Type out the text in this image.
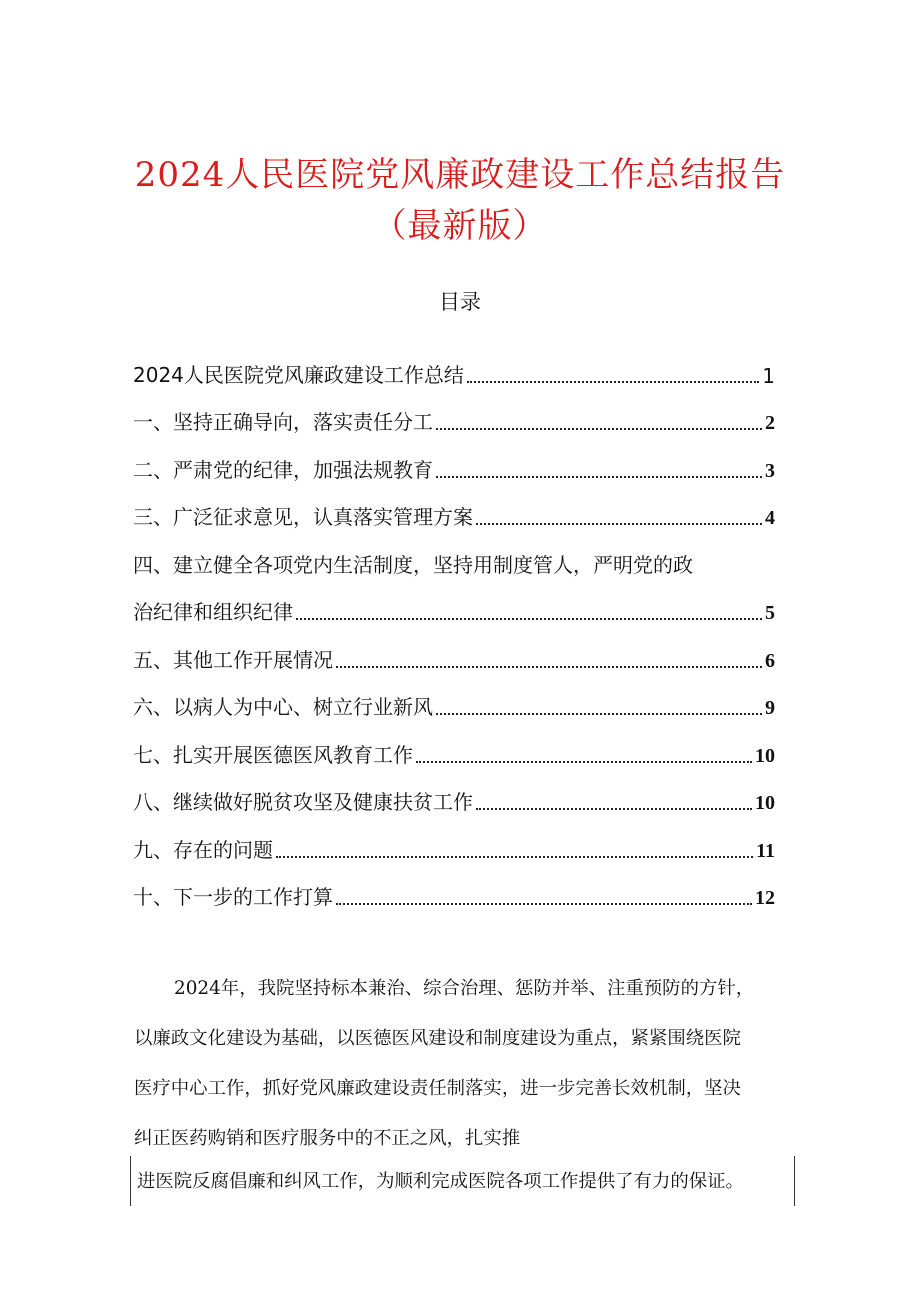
2024人民医院党风廉政建设工作总结报告
（最新版）
目录
2024人民医院党风廉政建设工作总结	1
一、坚持正确导向，落实责任分工	2
二、严肃党的纪律，加强法规教育	3
三、广泛征求意见，认真落实管理方案	4
四、建立健全各项党内生活制度，坚持用制度管人，严明党的政
治纪律和组织纪律	5
五、其他工作开展情况	6
六、以病人为中心、树立行业新风	9
七、扎实开展医德医风教育工作	10
八、继续做好脱贫攻坚及健康扶贫工作	10
九、存在的问题	11
十、下一步的工作打算	12
2024年，我院坚持标本兼治、综合治理、惩防并举、注重预防的方针，
以廉政文化建设为基础，以医德医风建设和制度建设为重点，紧紧围绕医院
医疗中心工作，抓好党风廉政建设责任制落实，进一步完善长效机制，坚决
纠正医药购销和医疗服务中的不正之风，扎实推
进医院反腐倡廉和纠风工作，为顺利完成医院各项工作提供了有力的保证。
